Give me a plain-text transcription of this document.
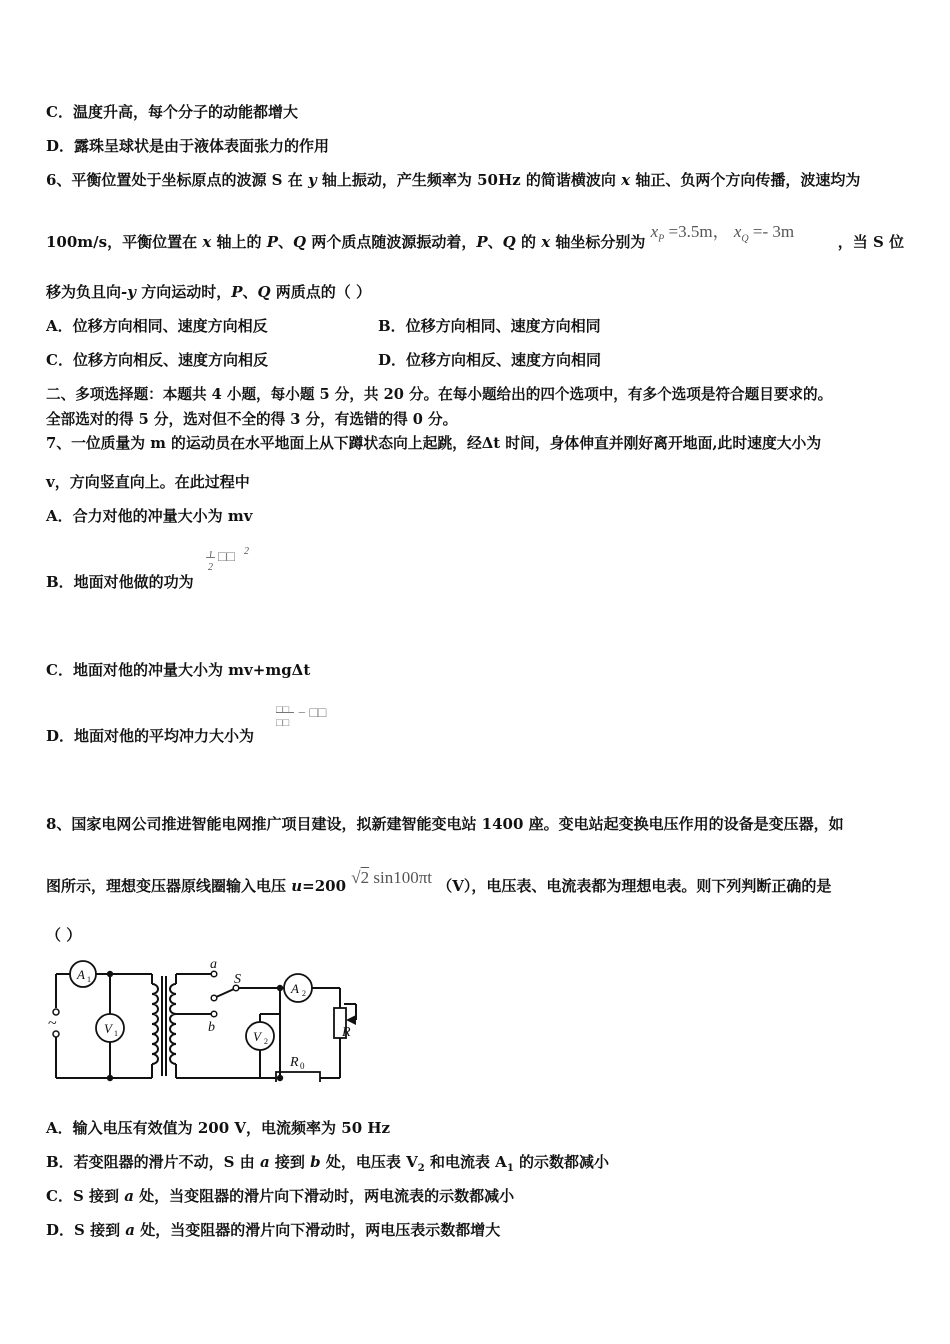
C．温度升高，每个分子的动能都增大
D．露珠呈球状是由于液体表面张力的作用
6、平衡位置处于坐标原点的波源 S 在 y 轴上振动，产生频率为 50Hz 的简谐横波向 x 轴正、负两个方向传播，波速均为
100m/s，平衡位置在 x 轴上的 P、Q 两个质点随波源振动着，P、Q 的 x 轴坐标分别为 $x_P =3.5m$， $x_Q =- 3m$
，当 S 位
移为负且向-y 方向运动时，P、Q 两质点的（ ）
A．位移方向相同、速度方向相反	B．位移方向相同、速度方向相同
C．位移方向相反、速度方向相反	D．位移方向相反、速度方向相同
二、多项选择题：本题共 4 小题，每小题 5 分，共 20 分。在每小题给出的四个选项中，有多个选项是符合题目要求的。
全部选对的得 5 分，选对但不全的得 3 分，有选错的得 0 分。
7、一位质量为 m 的运动员在水平地面上从下蹲状态向上起跳，经Δt 时间，身体伸直并刚好离开地面,此时速度大小为
v，方向竖直向上。在此过程中
A．合力对他的冲量大小为 mv
B．地面对他做的功为
1
2
□□ 2
C．地面对他的冲量大小为 mv+mgΔt
D．地面对他的平均冲力大小为
□□
□□
− □□
8、国家电网公司推进智能电网推广项目建设，拟新建智能变电站 1400 座。变电站起变换电压作用的设备是变压器，如
图所示，理想变压器原线圈输入电压 u=200 √2 sin100πt （V），电压表、电流表都为理想电表。则下列判断正确的是
（ ）
~
A 1
V 1
a
b
S
A 2
V 2
R
R 0
A．输入电压有效值为 200 V，电流频率为 50 Hz
B．若变阻器的滑片不动，S 由 a 接到 b 处，电压表 $V_2$ 和电流表 $A_1$ 的示数都减小
C．S 接到 a 处，当变阻器的滑片向下滑动时，两电流表的示数都减小
D．S 接到 a 处，当变阻器的滑片向下滑动时，两电压表示数都增大
